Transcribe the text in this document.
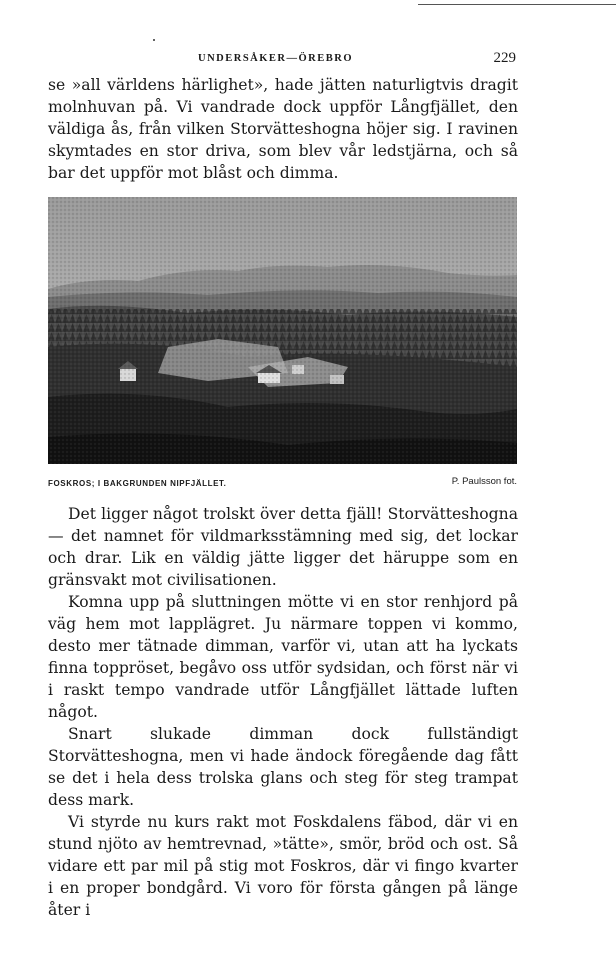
UNDERSÅKER—ÖREBRO	229

se »all världens härlighet», hade jätten naturligtvis dragit molnhuvan på. Vi vandrade dock uppför Långfjället, den väldiga ås, från vilken Storvätteshogna höjer sig. I ravinen skymtades en stor driva, som blev vår ledstjärna, och så bar det uppför mot blåst och dimma.

FOSKROS; I BAKGRUNDEN NIPFJÄLLET.	P. Paulsson fot.

Det ligger något trolskt över detta fjäll! Storvätteshogna — det namnet för vildmarksstämning med sig, det lockar och drar. Lik en väldig jätte ligger det häruppe som en gränsvakt mot civilisationen.

Komna upp på sluttningen mötte vi en stor renhjord på väg hem mot lapplägret. Ju närmare toppen vi kommo, desto mer tätnade dimman, varför vi, utan att ha lyckats finna toppröset, begåvo oss utför sydsidan, och först när vi i raskt tempo vandrade utför Långfjället lättade luften något.

Snart slukade dimman dock fullständigt Storvätteshogna, men vi hade ändock föregående dag fått se det i hela dess trolska glans och steg för steg trampat dess mark.

Vi styrde nu kurs rakt mot Foskdalens fäbod, där vi en stund njöto av hemtrevnad, »tätte», smör, bröd och ost. Så vidare ett par mil på stig mot Foskros, där vi fingo kvarter i en proper bondgård. Vi voro för första gången på länge åter i
